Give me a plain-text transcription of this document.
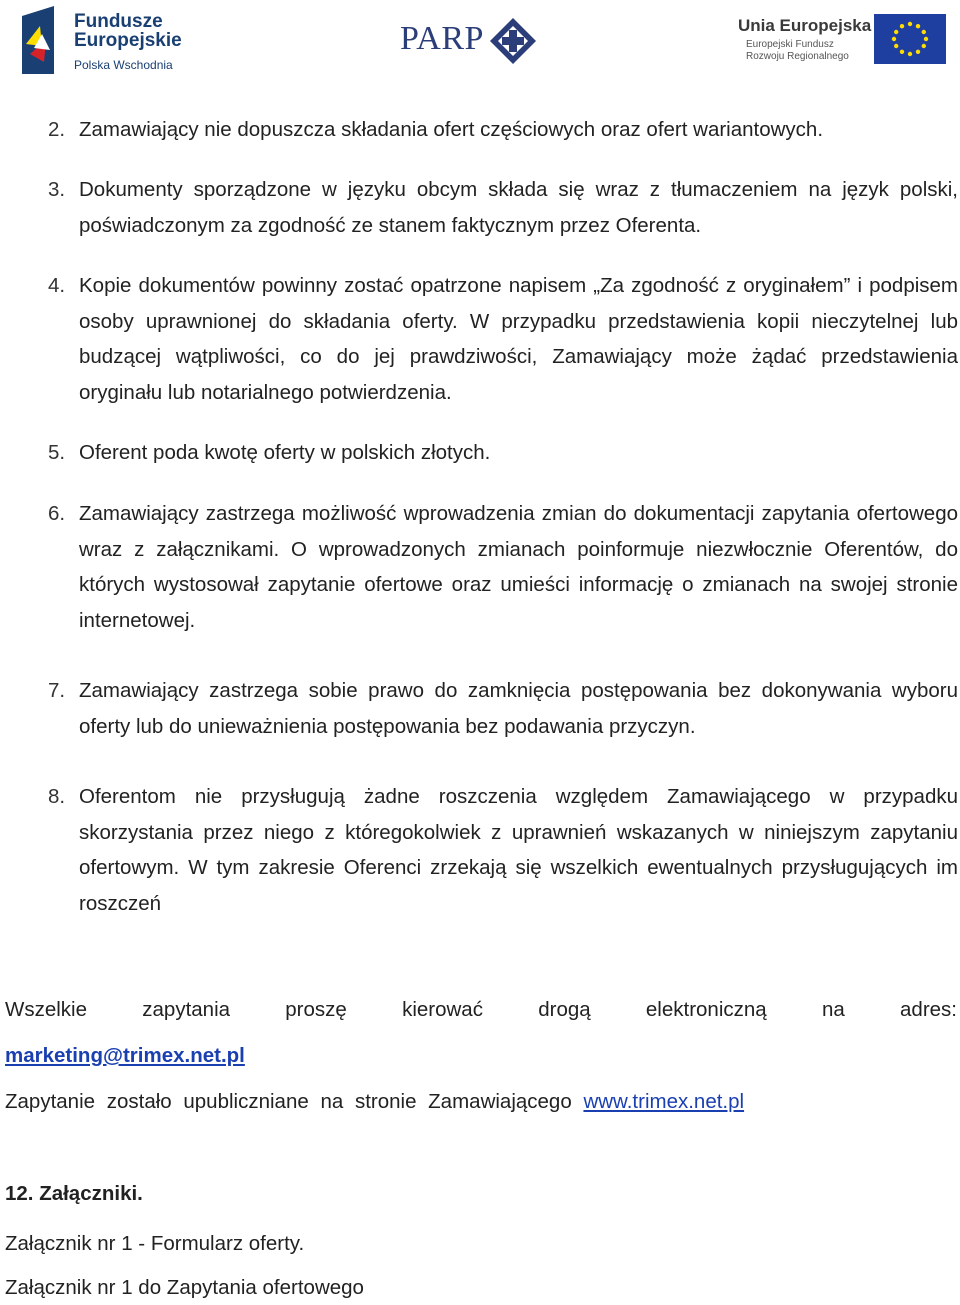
Fundusze
Europejskie
Polska Wschodnia
PARP	Unia Europejska
Europejski Fundusz
Rozwoju Regionalnego
2. Zamawiający nie dopuszcza składania ofert częściowych oraz ofert wariantowych.
3. Dokumenty sporządzone w języku obcym składa się wraz z tłumaczeniem na język polski, poświadczonym za zgodność ze stanem faktycznym przez Oferenta.
4. Kopie dokumentów powinny zostać opatrzone napisem „Za zgodność z oryginałem” i podpisem osoby uprawnionej do składania oferty. W przypadku przedstawienia kopii nieczytelnej lub budzącej wątpliwości, co do jej prawdziwości, Zamawiający może żądać przedstawienia oryginału lub notarialnego potwierdzenia.
5. Oferent poda kwotę oferty w polskich złotych.
6. Zamawiający zastrzega możliwość wprowadzenia zmian do dokumentacji zapytania ofertowego wraz z załącznikami. O wprowadzonych zmianach poinformuje niezwłocznie Oferentów, do których wystosował zapytanie ofertowe oraz umieści informację o zmianach na swojej stronie internetowej.
7. Zamawiający zastrzega sobie prawo do zamknięcia postępowania bez dokonywania wyboru oferty lub do unieważnienia postępowania bez podawania przyczyn.
8. Oferentom nie przysługują żadne roszczenia względem Zamawiającego w przypadku skorzystania przez niego z któregokolwiek z uprawnień wskazanych w niniejszym zapytaniu ofertowym. W tym zakresie Oferenci zrzekają się wszelkich ewentualnych przysługujących im roszczeń
Wszelkie zapytania proszę kierować drogą elektroniczną na adres:
marketing@trimex.net.pl
Zapytanie zostało upubliczniane na stronie Zamawiającego www.trimex.net.pl
12. Załączniki.
Załącznik nr 1 - Formularz oferty.
Załącznik nr 1 do Zapytania ofertowego
